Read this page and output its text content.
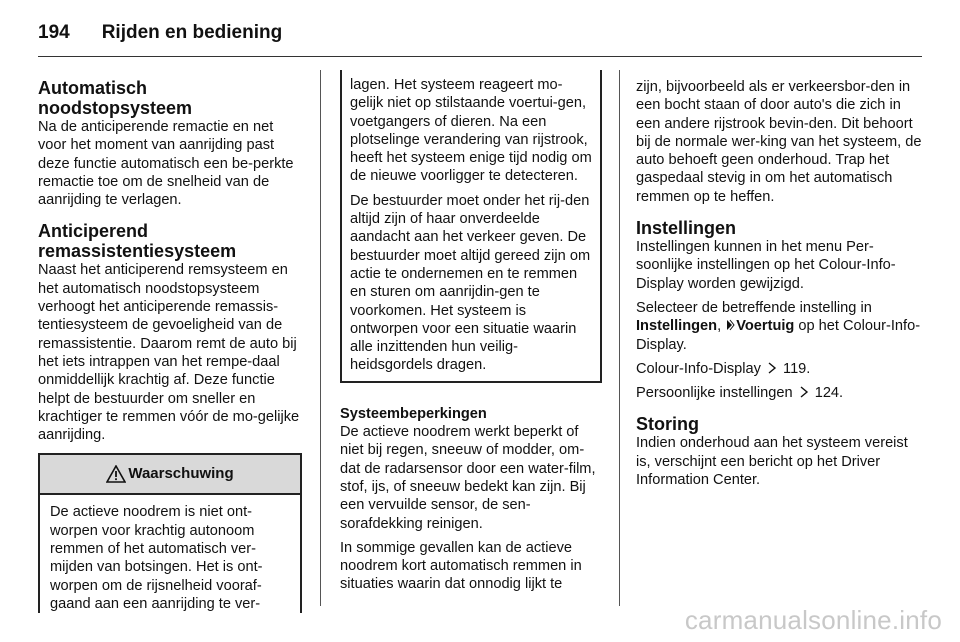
194 Rijden en bediening
Automatisch noodstopsysteem

Na de anticiperende remactie en net voor het moment van aanrijding past deze functie automatisch een be-perkte remactie toe om de snelheid van de aanrijding te verlagen.

Anticiperend remassistentiesysteem

Naast het anticiperend remsysteem en het automatisch noodstopsysteem verhoogt het anticiperende remassis-tentiesysteem de gevoeligheid van de remassistentie. Daarom remt de auto bij het iets intrappen van het rempe-daal onmiddellijk krachtig af. Deze functie helpt de bestuurder om sneller en krachtiger te remmen vóór de mo-gelijke aanrijding.

Waarschuwing

De actieve noodrem is niet ont-worpen voor krachtig autonoom remmen of het automatisch ver-mijden van botsingen. Het is ont-worpen om de rijsnelheid vooraf-gaand aan een aanrijding te ver-

lagen. Het systeem reageert mo-gelijk niet op stilstaande voertui-gen, voetgangers of dieren. Na een plotselinge verandering van rijstrook, heeft het systeem enige tijd nodig om de nieuwe voorligger te detecteren.

De bestuurder moet onder het rij-den altijd zijn of haar onverdeelde aandacht aan het verkeer geven. De bestuurder moet altijd gereed zijn om actie te ondernemen en te remmen en sturen om aanrijdin-gen te voorkomen. Het systeem is ontworpen voor een situatie waarin alle inzittenden hun veilig-heidsgordels dragen.

Systeembeperkingen

De actieve noodrem werkt beperkt of niet bij regen, sneeuw of modder, om-dat de radarsensor door een water-film, stof, ijs, of sneeuw bedekt kan zijn. Bij een vervuilde sensor, de sen-sorafdekking reinigen.

In sommige gevallen kan de actieve noodrem kort automatisch remmen in situaties waarin dat onnodig lijkt te

zijn, bijvoorbeeld als er verkeersbor-den in een bocht staan of door auto's die zich in een andere rijstrook bevin-den. Dit behoort bij de normale wer-king van het systeem, de auto behoeft geen onderhoud. Trap het gaspedaal stevig in om het automatisch remmen op te heffen.

Instellingen

Instellingen kunnen in het menu Per-soonlijke instellingen op het Colour-Info-Display worden gewijzigd.

Selecteer de betreffende instelling in Instellingen, Voertuig op het Colour-Info-Display.

Colour-Info-Display 119.

Persoonlijke instellingen 124.

Storing

Indien onderhoud aan het systeem vereist is, verschijnt een bericht op het Driver Information Center.

carmanualsonline.info
